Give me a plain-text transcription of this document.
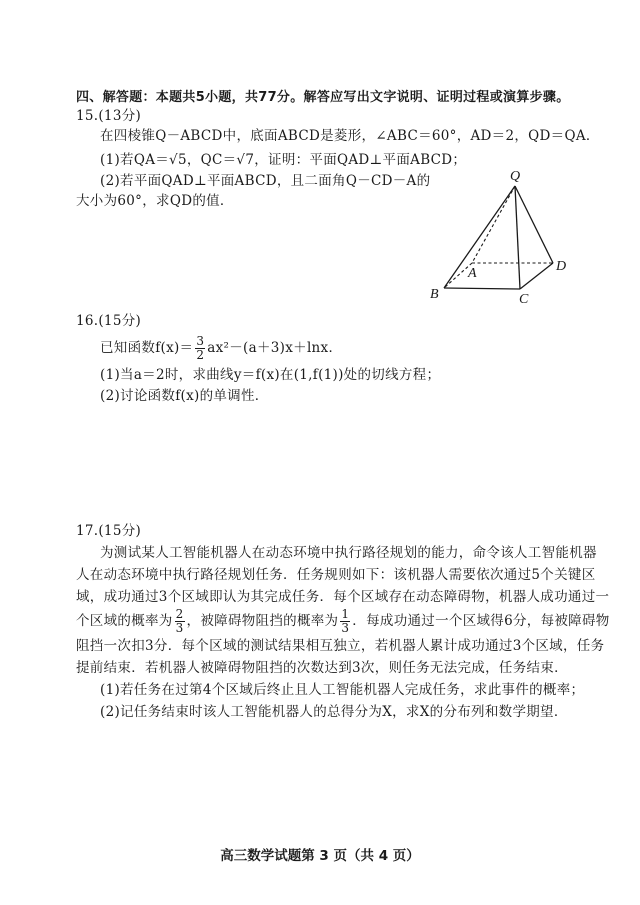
四、解答题：本题共5小题，共77分。解答应写出文字说明、证明过程或演算步骤。
15.(13分)
在四棱锥Q－ABCD中，底面ABCD是菱形，∠ABC＝60°，AD＝2，QD＝QA．
(1)若QA＝√5，QC＝√7，证明：平面QAD⊥平面ABCD；
(2)若平面QAD⊥平面ABCD，且二面角Q－CD－A的
大小为60°，求QD的值．
Q
A
B	C
D
16.(15分)
已知函数$f(x)= \frac{3}{2} ax^2-(a+3)x+\ln x$．
(1)当a＝2时，求曲线y＝f(x)在(1,f(1))处的切线方程；
(2)讨论函数f(x)的单调性．
17.(15分)
为测试某人工智能机器人在动态环境中执行路径规划的能力，命令该人工智能机器
人在动态环境中执行路径规划任务．任务规则如下：该机器人需要依次通过5个关键区
域，成功通过3个区域即认为其完成任务．每个区域存在动态障碍物，机器人成功通过一
个区域的概率为 $\frac{2}{3}$ ，被障碍物阻挡的概率为 $\frac{1}{3}$ ．每成功通过一个区域得6分，每被障碍物
阻挡一次扣3分．每个区域的测试结果相互独立，若机器人累计成功通过3个区域，任务
提前结束．若机器人被障碍物阻挡的次数达到3次，则任务无法完成，任务结束．
(1)若任务在过第4个区域后终止且人工智能机器人完成任务，求此事件的概率；
(2)记任务结束时该人工智能机器人的总得分为X，求X的分布列和数学期望．
高三数学试题第 3 页（共 4 页）
